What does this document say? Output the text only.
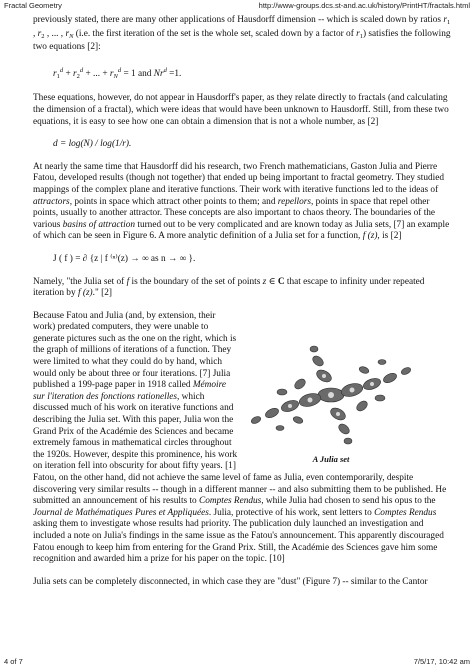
Fractal Geometry	http://www-groups.dcs.st-and.ac.uk/history/PrintHT/fractals.html

previously stated, there are many other applications of Hausdorff dimension -- which is scaled down by ratios $r_1$ , $r_2$ , ... , $r_N$ (i.e. the first iteration of the set is the whole set, scaled down by a factor of $r_1$) satisfies the following two equations [2]:

$r_1^d + r_2^d$ + ... + $r_N^d = 1$ and $Nr^d =1$.

These equations, however, do not appear in Hausdorff's paper, as they relate directly to fractals (and calculating the dimension of a fractal), which were ideas that would have been unknown to Hausdorff. Still, from these two equations, it is easy to see how one can obtain a dimension that is not a whole number, as [2]

d = log(N) / log(1/r).

At nearly the same time that Hausdorff did his research, two French mathematicians, Gaston Julia and Pierre Fatou, developed results (though not together) that ended up being important to fractal geometry. They studied mappings of the complex plane and iterative functions. Their work with iterative functions led to the ideas of attractors, points in space which attract other points to them; and repellors, points in space that repel other points, usually to another attractor. These concepts are also important to chaos theory. The boundaries of the various basins of attraction turned out to be very complicated and are known today as Julia sets, [7] an example of which can be seen in Figure 6. A more analytic definition of a Julia set for a function, f (z), is [2]

J ( f ) = ∂ {z | f ⁽ⁿ⁾(z) → ∞ as n → ∞ }.

Namely, "the Julia set of f is the boundary of the set of points z ∈ C that escape to infinity under repeated iteration by f (z)." [2]

Because Fatou and Julia (and, by extension, their work) predated computers, they were unable to generate pictures such as the one on the right, which is the graph of millions of iterations of a function. They were limited to what they could do by hand, which would only be about three or four iterations. [7] Julia published a 199-page paper in 1918 called Mémoire sur l'iteration des fonctions rationelles, which discussed much of his work on iterative functions and describing the Julia set. With this paper, Julia won the Grand Prix of the Académie des Sciences and became extremely famous in mathematical circles throughout the 1920s. However, despite this prominence, his work on iteration fell into obscurity for about fifty years. [1]

Fatou, on the other hand, did not achieve the same level of fame as Julia, even contemporarily, despite discovering very similar results -- though in a different manner -- and also submitting them to be published. He submitted an announcement of his results to Comptes Rendus, while Julia had chosen to send his opus to the Journal de Mathématiques Pures et Appliquées. Julia, protective of his work, sent letters to Comptes Rendus asking them to investigate whose results had priority. The publication duly launched an investigation and included a note on Julia's findings in the same issue as the Fatou's announcement. This apparently discouraged Fatou enough to keep him from entering for the Grand Prix. Still, the Académie des Sciences gave him some recognition and awarded him a prize for his paper on the topic. [10]

Julia sets can be completely disconnected, in which case they are "dust" (Figure 7) -- similar to the Cantor

A Julia set
4 of 7	7/5/17, 10:42 am
